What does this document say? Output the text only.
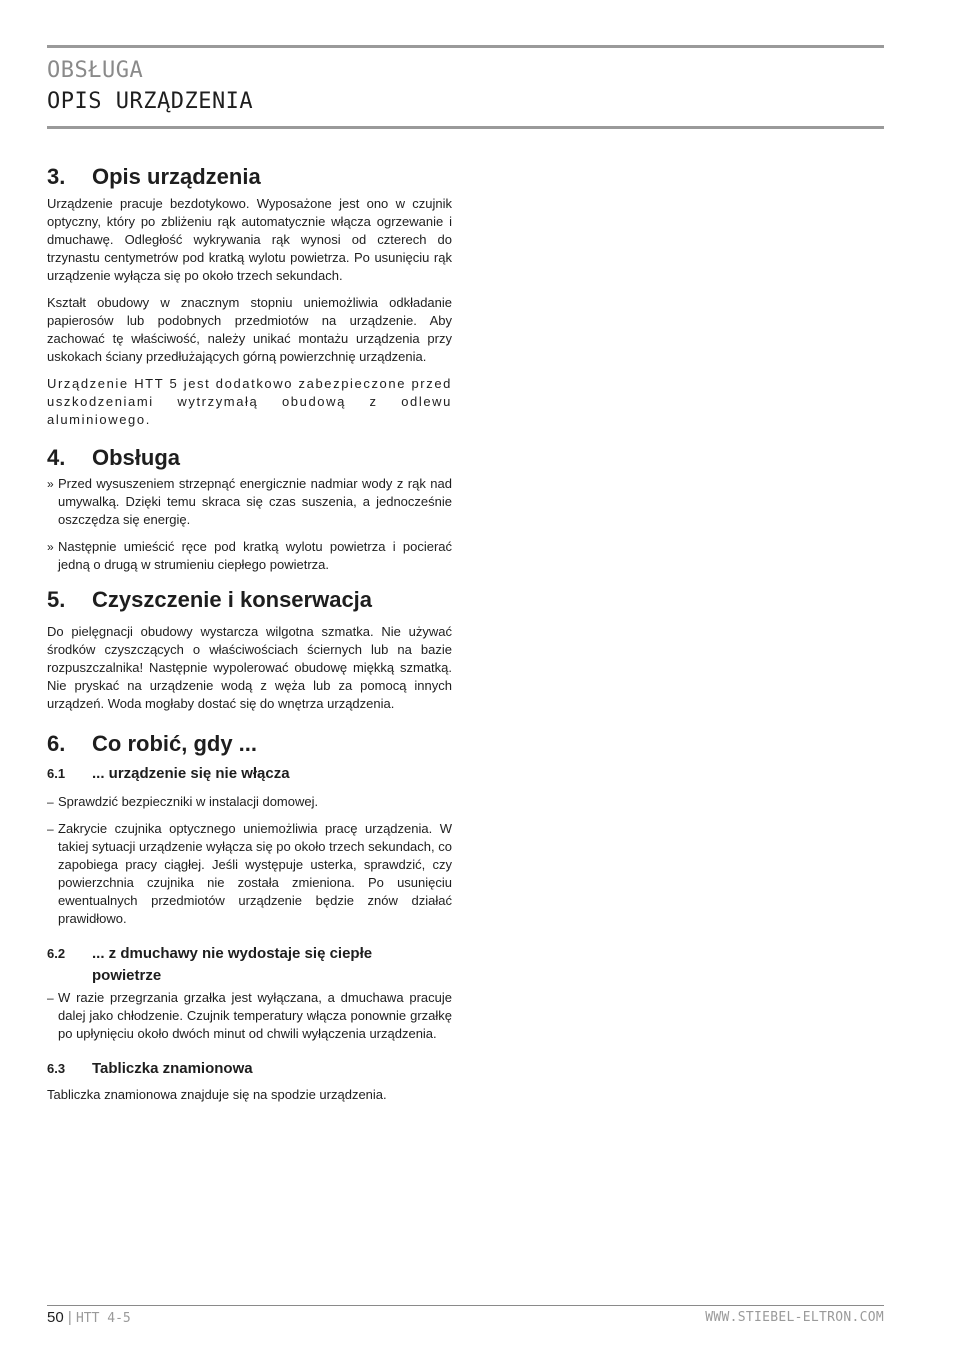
OBSŁUGA
OPIS URZĄDZENIA
3.	Opis urządzenia

Urządzenie pracuje bezdotykowo. Wyposażone jest ono w czujnik optyczny, który po zbliżeniu rąk automatycznie włącza ogrzewanie i dmuchawę. Odległość wykrywania rąk wynosi od czterech do trzynastu centymetrów pod kratką wylotu powietrza. Po usunięciu rąk urządzenie wyłącza się po około trzech sekundach.

Kształt obudowy w znacznym stopniu uniemożliwia odkładanie papierosów lub podobnych przedmiotów na urządzenie. Aby zachować tę właściwość, należy unikać montażu urządzenia przy uskokach ściany przedłużających górną powierzchnię urządzenia.

Urządzenie HTT 5 jest dodatkowo zabezpieczone przed uszkodzeniami wytrzymałą obudową z odlewu aluminiowego.

4.	Obsługa
» Przed wysuszeniem strzepnąć energicznie nadmiar wody z rąk nad umywalką. Dzięki temu skraca się czas suszenia, a jednocześnie oszczędza się energię.
» Następnie umieścić ręce pod kratką wylotu powietrza i pocierać jedną o drugą w strumieniu ciepłego powietrza.
5.	Czyszczenie i konserwacja

Do pielęgnacji obudowy wystarcza wilgotna szmatka. Nie używać środków czyszczących o właściwościach ściernych lub na bazie rozpuszczalnika! Następnie wypolerować obudowę miękką szmatką. Nie pryskać na urządzenie wodą z węża lub za pomocą innych urządzeń. Woda mogłaby dostać się do wnętrza urządzenia.

6.	Co robić, gdy ...
6.1	... urządzenie się nie włącza
– Sprawdzić bezpieczniki w instalacji domowej.
– Zakrycie czujnika optycznego uniemożliwia pracę urządzenia. W takiej sytuacji urządzenie wyłącza się po około trzech sekundach, co zapobiega pracy ciągłej. Jeśli występuje usterka, sprawdzić, czy powierzchnia czujnika nie została zmieniona. Po usunięciu ewentualnych przedmiotów urządzenie będzie znów działać prawidłowo.
6.2	... z dmuchawy nie wydostaje się ciepłe powietrze
– W razie przegrzania grzałka jest wyłączana, a dmuchawa pracuje dalej jako chłodzenie. Czujnik temperatury włącza ponownie grzałkę po upłynięciu około dwóch minut od chwili wyłączenia urządzenia.
6.3	Tabliczka znamionowa

Tabliczka znamionowa znajduje się na spodzie urządzenia.

50 | HTT 4-5	WWW.STIEBEL-ELTRON.COM
